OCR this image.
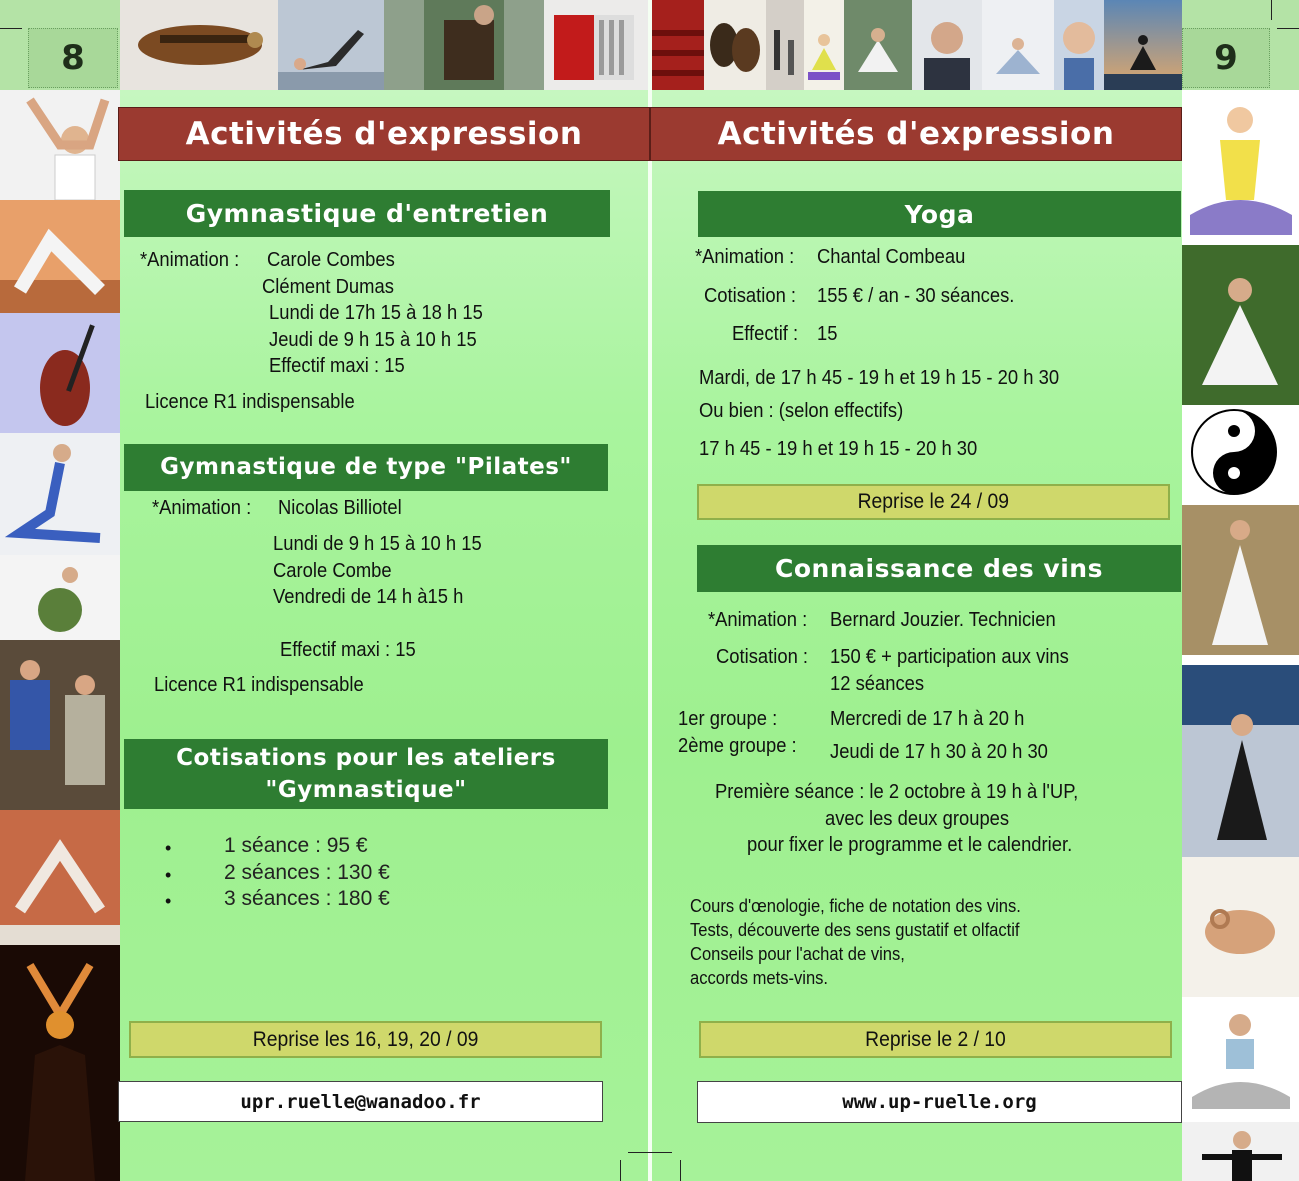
8	9
Activités d'expression	Activités d'expression
Gymnastique d'entretien
*Animation : Carole Combes
Clément Dumas
Lundi de 17h 15 à 18 h 15
Jeudi de 9 h 15 à 10 h 15
Effectif maxi : 15
Licence R1 indispensable
Gymnastique de type "Pilates"
*Animation : Nicolas Billiotel
Lundi de 9 h 15 à 10 h 15
Carole Combe
Vendredi de 14 h à15 h
Effectif maxi : 15
Licence R1 indispensable
Cotisations pour les ateliers
"Gymnastique"
•	1 séance : 95 €
•	2 séances : 130 €
•	3 séances : 180 €
Reprise les 16, 19, 20 / 09
upr.ruelle@wanadoo.fr
Yoga
*Animation : Chantal Combeau
Cotisation : 155 € / an - 30 séances.
Effectif : 15
Mardi, de 17 h 45 - 19 h et 19 h 15 - 20 h 30
Ou bien : (selon effectifs)
17 h 45 - 19 h et 19 h 15 - 20 h 30
Reprise le 24 / 09
Connaissance des vins
*Animation : Bernard Jouzier. Technicien
Cotisation : 150 € + participation aux vins
12 séances
1er groupe :	Mercredi de 17 h à 20 h
2ème groupe : Jeudi de 17 h 30 à 20 h 30
Première séance : le 2 octobre à 19 h à l'UP,
avec les deux groupes
pour fixer le programme et le calendrier.
Cours d'œnologie, fiche de notation des vins.
Tests, découverte des sens gustatif et olfactif
Conseils pour l'achat de vins,
accords mets-vins.
Reprise le 2 / 10
www.up-ruelle.org
